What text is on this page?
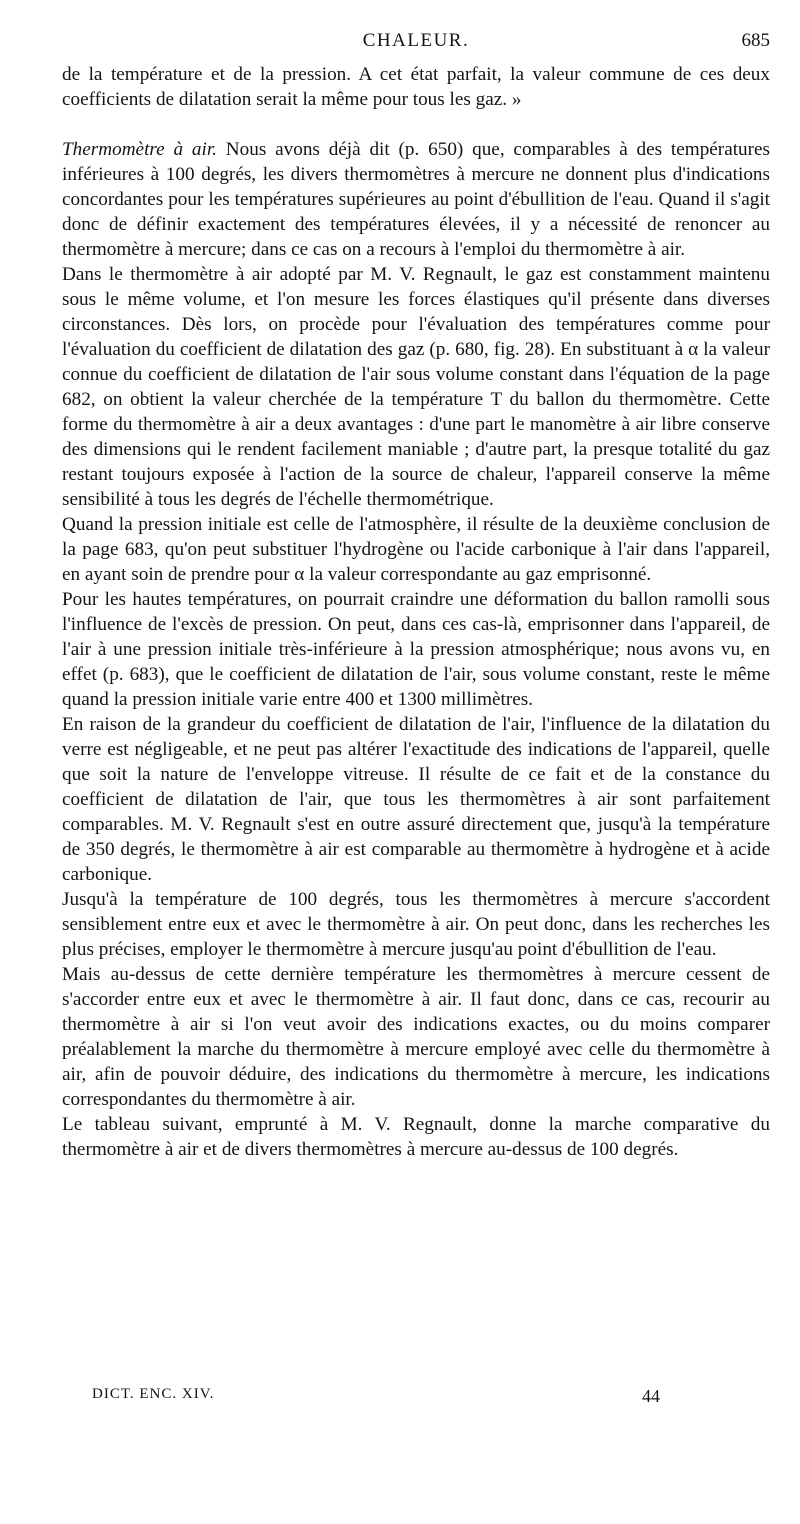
CHALEUR.	685

de la température et de la pression. A cet état parfait, la valeur commune de ces deux coefficients de dilatation serait la même pour tous les gaz. »

Thermomètre à air. Nous avons déjà dit (p. 650) que, comparables à des températures inférieures à 100 degrés, les divers thermomètres à mercure ne donnent plus d'indications concordantes pour les températures supérieures au point d'ébullition de l'eau. Quand il s'agit donc de définir exactement des températures élevées, il y a nécessité de renoncer au thermomètre à mercure; dans ce cas on a recours à l'emploi du thermomètre à air.

Dans le thermomètre à air adopté par M. V. Regnault, le gaz est constamment maintenu sous le même volume, et l'on mesure les forces élastiques qu'il présente dans diverses circonstances. Dès lors, on procède pour l'évaluation des températures comme pour l'évaluation du coefficient de dilatation des gaz (p. 680, fig. 28). En substituant à α la valeur connue du coefficient de dilatation de l'air sous volume constant dans l'équation de la page 682, on obtient la valeur cherchée de la température T du ballon du thermomètre. Cette forme du thermomètre à air a deux avantages : d'une part le manomètre à air libre conserve des dimensions qui le rendent facilement maniable ; d'autre part, la presque totalité du gaz restant toujours exposée à l'action de la source de chaleur, l'appareil conserve la même sensibilité à tous les degrés de l'échelle thermométrique.

Quand la pression initiale est celle de l'atmosphère, il résulte de la deuxième conclusion de la page 683, qu'on peut substituer l'hydrogène ou l'acide carbonique à l'air dans l'appareil, en ayant soin de prendre pour α la valeur correspondante au gaz emprisonné.

Pour les hautes températures, on pourrait craindre une déformation du ballon ramolli sous l'influence de l'excès de pression. On peut, dans ces cas-là, emprisonner dans l'appareil, de l'air à une pression initiale très-inférieure à la pression atmosphérique; nous avons vu, en effet (p. 683), que le coefficient de dilatation de l'air, sous volume constant, reste le même quand la pression initiale varie entre 400 et 1300 millimètres.

En raison de la grandeur du coefficient de dilatation de l'air, l'influence de la dilatation du verre est négligeable, et ne peut pas altérer l'exactitude des indications de l'appareil, quelle que soit la nature de l'enveloppe vitreuse. Il résulte de ce fait et de la constance du coefficient de dilatation de l'air, que tous les thermomètres à air sont parfaitement comparables. M. V. Regnault s'est en outre assuré directement que, jusqu'à la température de 350 degrés, le thermomètre à air est comparable au thermomètre à hydrogène et à acide carbonique.

Jusqu'à la température de 100 degrés, tous les thermomètres à mercure s'accordent sensiblement entre eux et avec le thermomètre à air. On peut donc, dans les recherches les plus précises, employer le thermomètre à mercure jusqu'au point d'ébullition de l'eau.

Mais au-dessus de cette dernière température les thermomètres à mercure cessent de s'accorder entre eux et avec le thermomètre à air. Il faut donc, dans ce cas, recourir au thermomètre à air si l'on veut avoir des indications exactes, ou du moins comparer préalablement la marche du thermomètre à mercure employé avec celle du thermomètre à air, afin de pouvoir déduire, des indications du thermomètre à mercure, les indications correspondantes du thermomètre à air.

Le tableau suivant, emprunté à M. V. Regnault, donne la marche comparative du thermomètre à air et de divers thermomètres à mercure au-dessus de 100 degrés.

DICT. ENC. XIV.	44
